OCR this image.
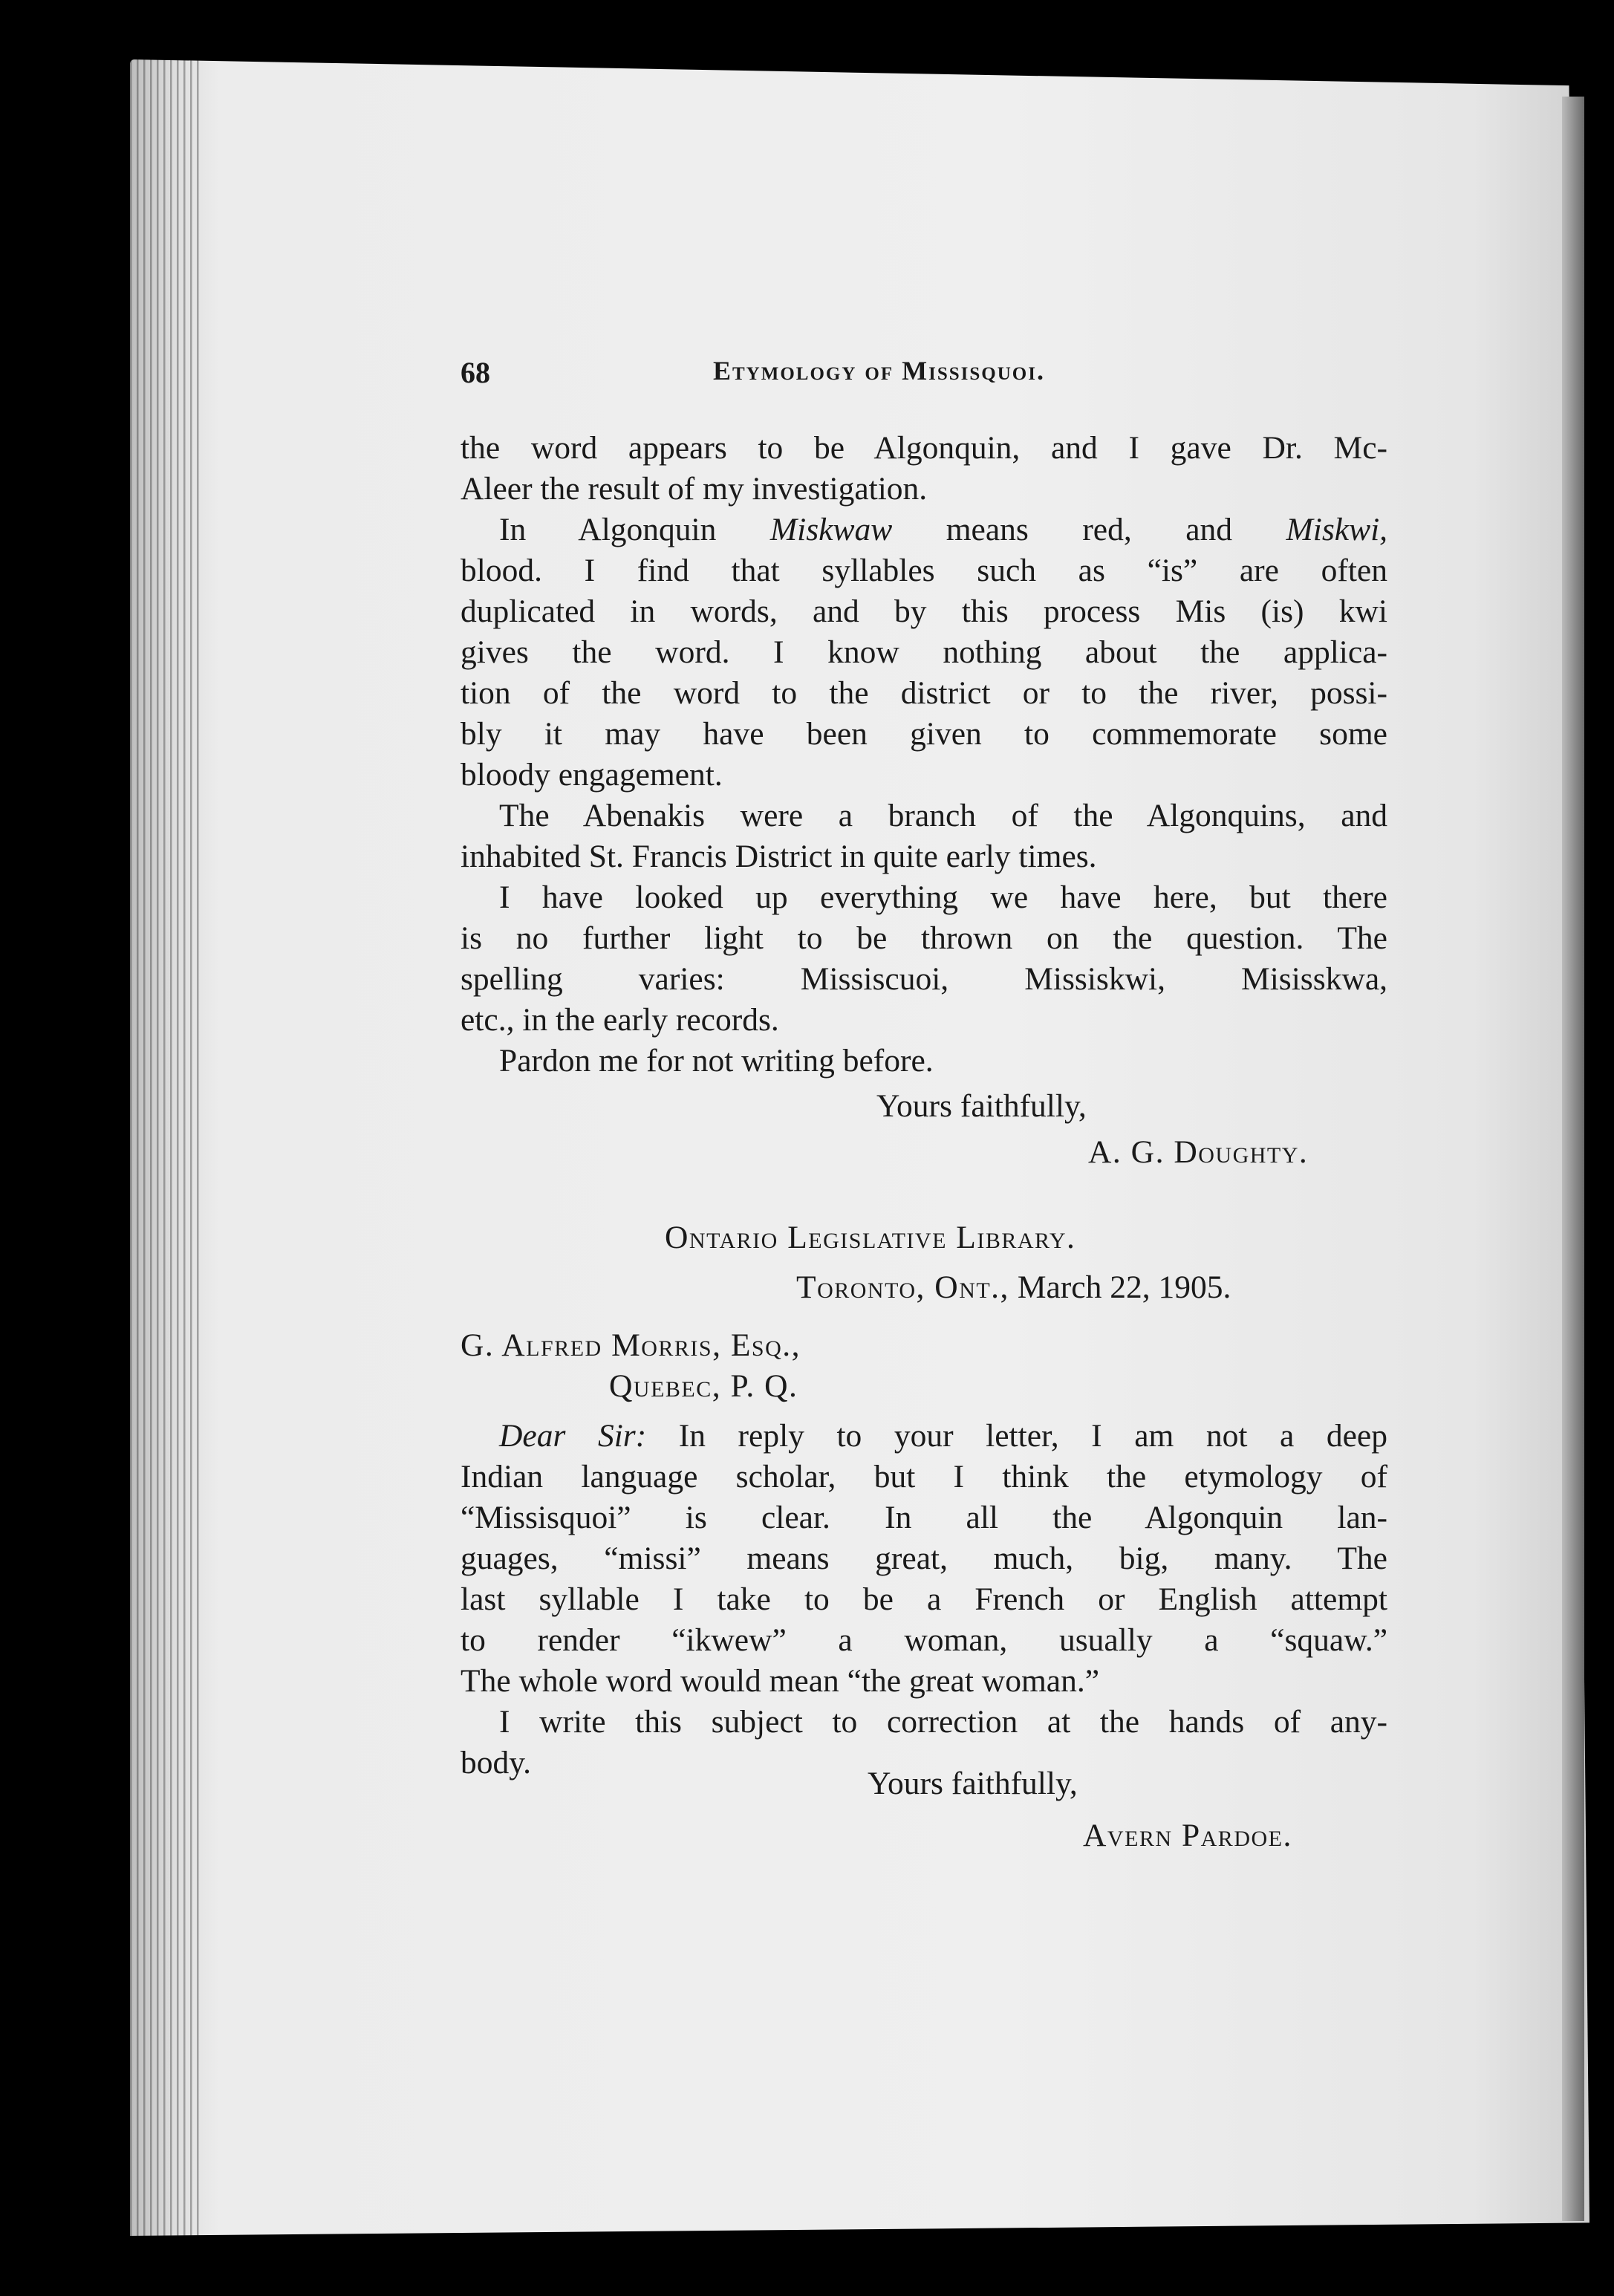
68	Etymology of Missisquoi.
the word appears to be Algonquin, and I gave Dr. Mc-
Aleer the result of my investigation.
In Algonquin Miskwaw means red, and Miskwi,
blood. I find that syllables such as “is” are often
duplicated in words, and by this process Mis (is) kwi
gives the word. I know nothing about the applica-
tion of the word to the district or to the river, possi-
bly it may have been given to commemorate some
bloody engagement.
The Abenakis were a branch of the Algonquins, and
inhabited St. Francis District in quite early times.
I have looked up everything we have here, but there
is no further light to be thrown on the question. The
spelling varies: Missiscuoi, Missiskwi, Misisskwa,
etc., in the early records.
Pardon me for not writing before.
Yours faithfully,
A. G. Doughty.
Ontario Legislative Library.
Toronto, Ont., March 22, 1905.
G. Alfred Morris, Esq.,
Quebec, P. Q.
Dear Sir: In reply to your letter, I am not a deep
Indian language scholar, but I think the etymology of
“Missisquoi” is clear. In all the Algonquin lan-
guages, “missi” means great, much, big, many. The
last syllable I take to be a French or English attempt
to render “ikwew” a woman, usually a “squaw.”
The whole word would mean “the great woman.”
I write this subject to correction at the hands of any-
body.
Yours faithfully,
Avern Pardoe.
